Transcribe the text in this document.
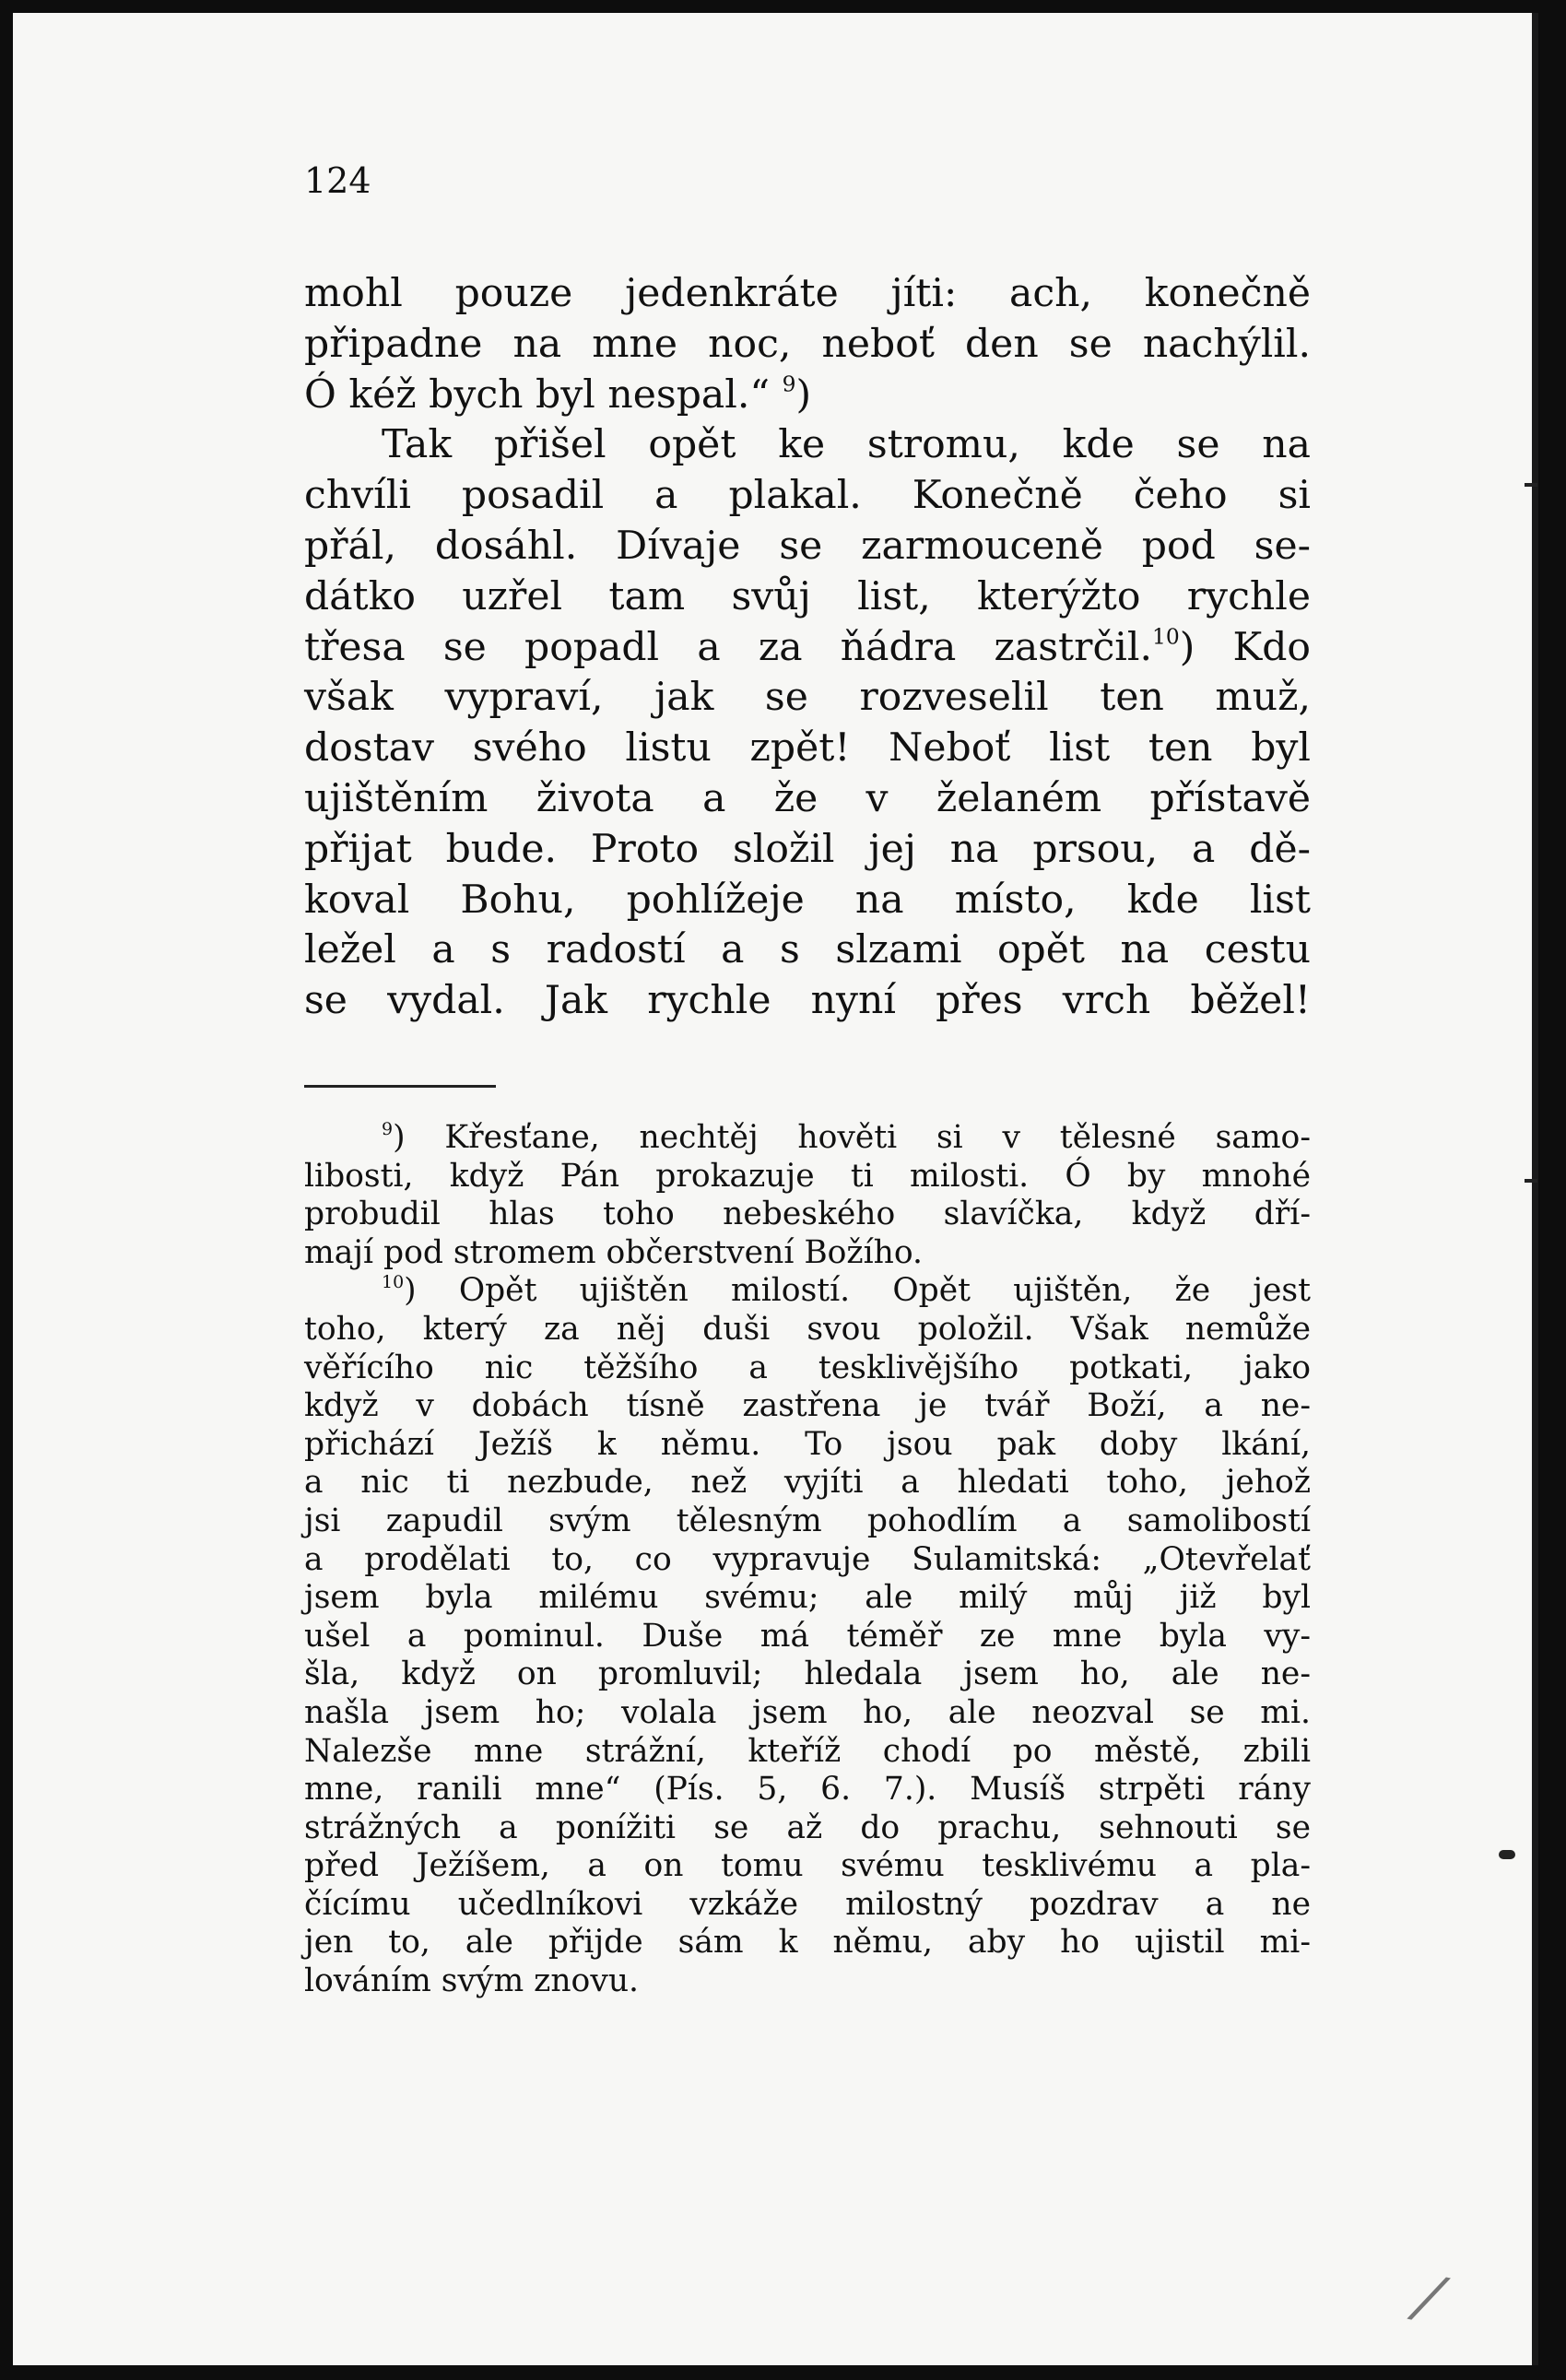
124
mohl pouze jedenkráte jíti: ach, konečně
připadne na mne noc, neboť den se nachýlil.
Ó kéž bych byl nespal.“ $^9$)
Tak přišel opět ke stromu, kde se na
chvíli posadil a plakal. Konečně čeho si
přál, dosáhl. Dívaje se zarmouceně pod se-
dátko uzřel tam svůj list, kterýžto rychle
třesa se popadl a za ňádra zastrčil.$^{10}$) Kdo
však vypraví, jak se rozveselil ten muž,
dostav svého listu zpět! Neboť list ten byl
ujištěním života a že v želaném přístavě
přijat bude. Proto složil jej na prsou, a dě-
koval Bohu, pohlížeje na místo, kde list
ležel a s radostí a s slzami opět na cestu
se vydal. Jak rychle nyní přes vrch běžel!
$^9$) Křesťane, nechtěj hověti si v tělesné samo-
libosti, když Pán prokazuje ti milosti. Ó by mnohé
probudil hlas toho nebeského slavíčka, když dří-
mají pod stromem občerstvení Božího.
$^{10}$) Opět ujištěn milostí. Opět ujištěn, že jest
toho, který za něj duši svou položil. Však nemůže
věřícího nic těžšího a tesklivějšího potkati, jako
když v dobách tísně zastřena je tvář Boží, a ne-
přichází Ježíš k němu. To jsou pak doby lkání,
a nic ti nezbude, než vyjíti a hledati toho, jehož
jsi zapudil svým tělesným pohodlím a samolibostí
a prodělati to, co vypravuje Sulamitská: „Otevřelať
jsem byla milému svému; ale milý můj již byl
ušel a pominul. Duše má téměř ze mne byla vy-
šla, když on promluvil; hledala jsem ho, ale ne-
našla jsem ho; volala jsem ho, ale neozval se mi.
Nalezše mne strážní, kteříž chodí po městě, zbili
mne, ranili mne“ (Pís. 5, 6. 7.). Musíš strpěti rány
strážných a ponížiti se až do prachu, sehnouti se
před Ježíšem, a on tomu svému tesklivému a pla-
čícímu učedlníkovi vzkáže milostný pozdrav a ne
jen to, ale přijde sám k němu, aby ho ujistil mi-
lováním svým znovu.
⁄
